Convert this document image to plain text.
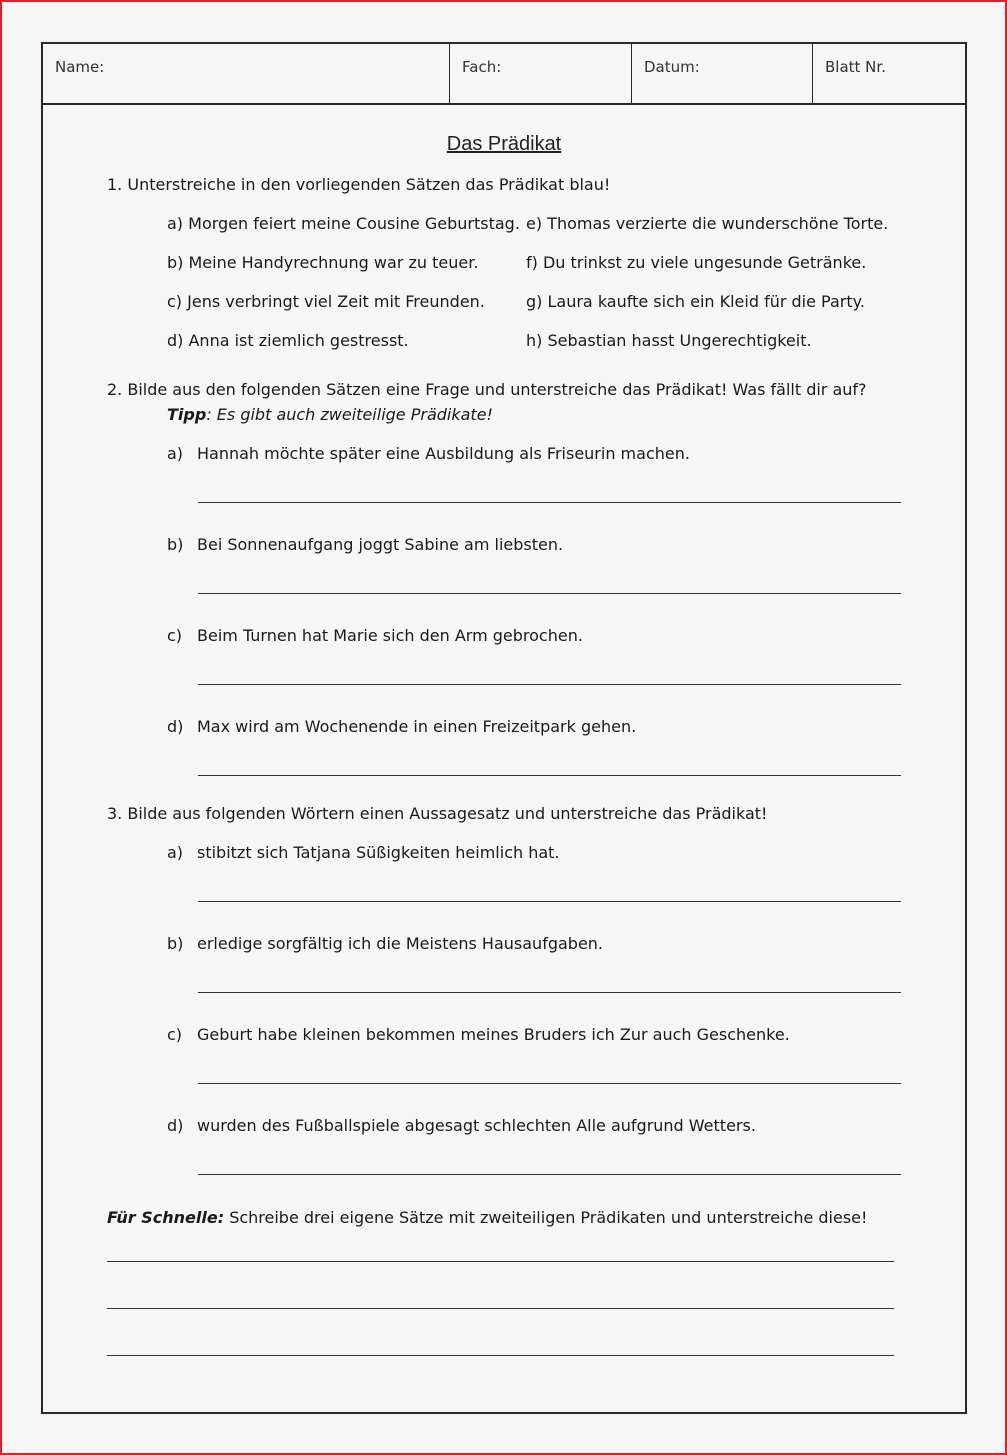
Name:	Fach:	Datum:	Blatt Nr.
Das Prädikat
1. Unterstreiche in den vorliegenden Sätzen das Prädikat blau!
a) Morgen feiert meine Cousine Geburtstag.
b) Meine Handyrechnung war zu teuer.
c) Jens verbringt viel Zeit mit Freunden.
d) Anna ist ziemlich gestresst.
e) Thomas verzierte die wunderschöne Torte.
f) Du trinkst zu viele ungesunde Getränke.
g) Laura kaufte sich ein Kleid für die Party.
h) Sebastian hasst Ungerechtigkeit.
2. Bilde aus den folgenden Sätzen eine Frage und unterstreiche das Prädikat! Was fällt dir auf?
Tipp: Es gibt auch zweiteilige Prädikate!
a) Hannah möchte später eine Ausbildung als Friseurin machen.
b) Bei Sonnenaufgang joggt Sabine am liebsten.
c) Beim Turnen hat Marie sich den Arm gebrochen.
d) Max wird am Wochenende in einen Freizeitpark gehen.
3. Bilde aus folgenden Wörtern einen Aussagesatz und unterstreiche das Prädikat!
a) stibitzt sich Tatjana Süßigkeiten heimlich hat.
b) erledige sorgfältig ich die Meistens Hausaufgaben.
c) Geburt habe kleinen bekommen meines Bruders ich Zur auch Geschenke.
d) wurden des Fußballspiele abgesagt schlechten Alle aufgrund Wetters.
Für Schnelle: Schreibe drei eigene Sätze mit zweiteiligen Prädikaten und unterstreiche diese!
